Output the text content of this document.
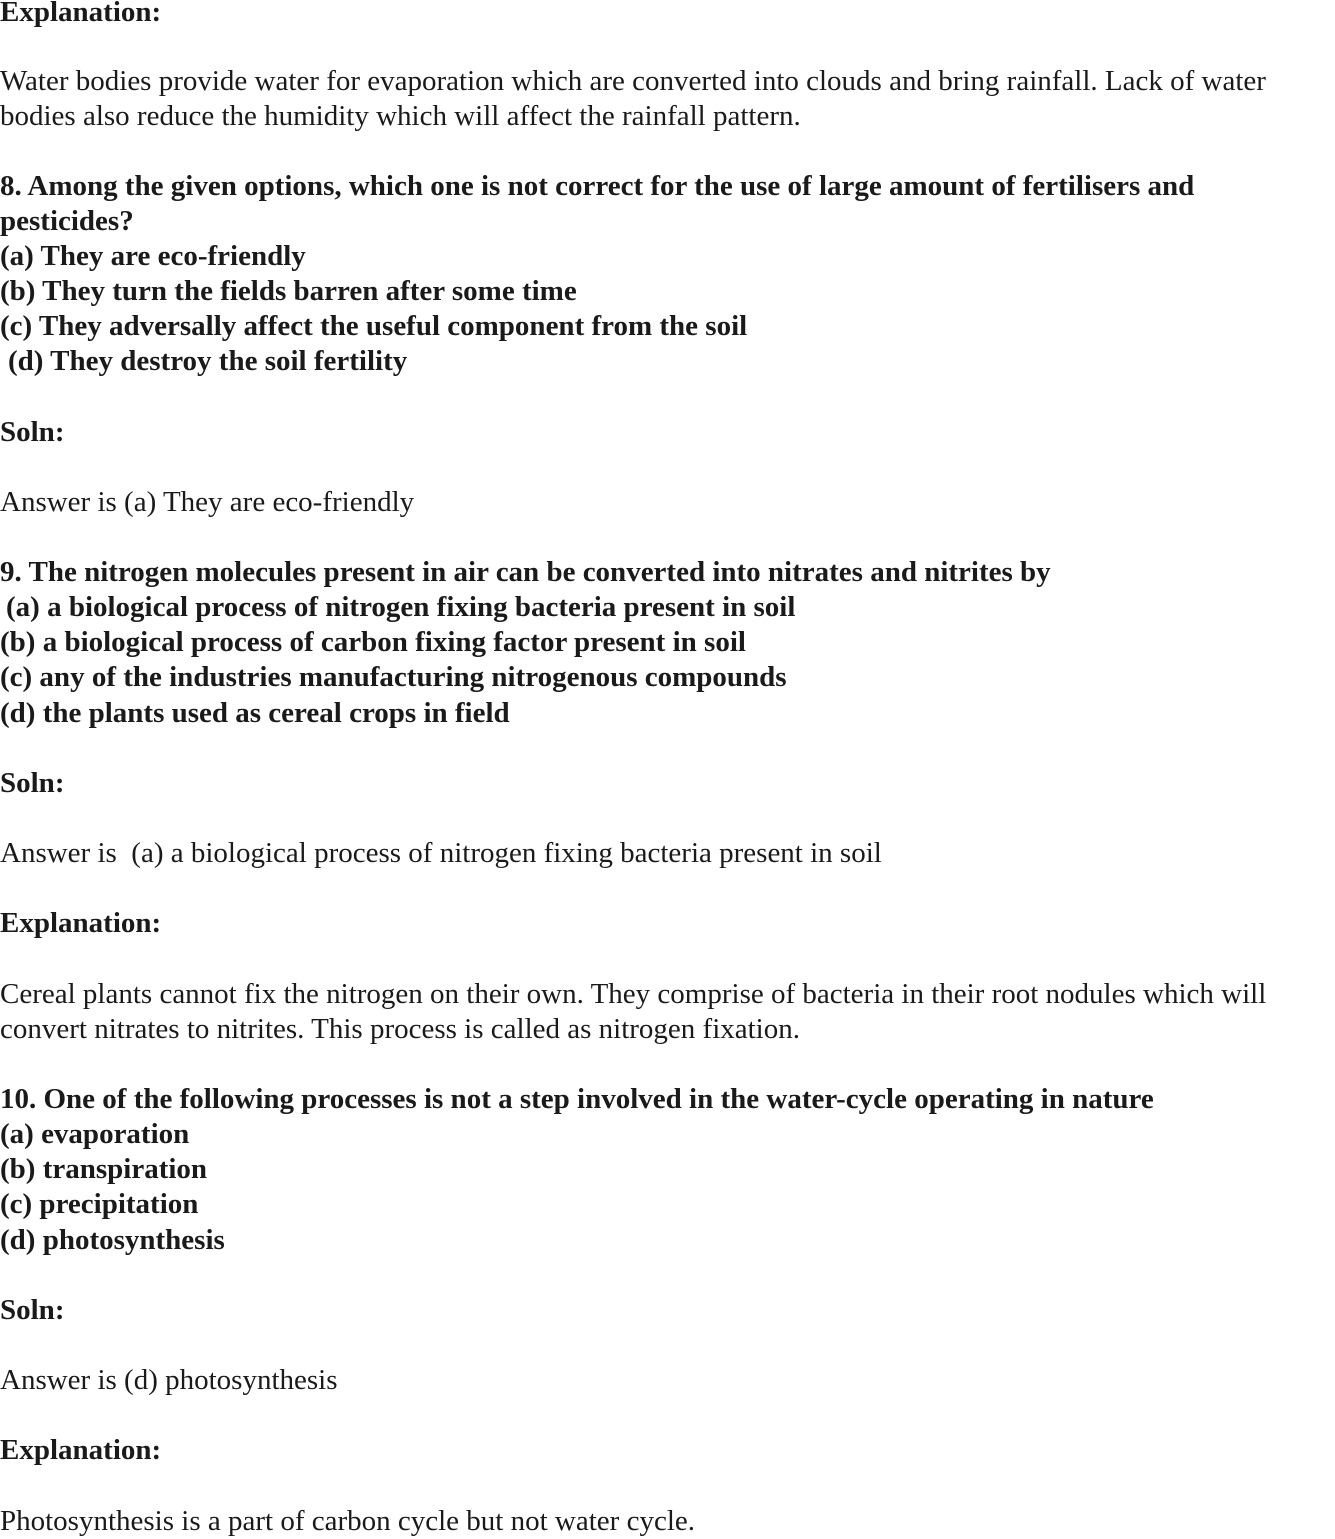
Explanation:
Water bodies provide water for evaporation which are converted into clouds and bring rainfall. Lack of water
bodies also reduce the humidity which will affect the rainfall pattern.
8. Among the given options, which one is not correct for the use of large amount of fertilisers and
pesticides?
(a) They are eco-friendly
(b) They turn the fields barren after some time
(c) They adversally affect the useful component from the soil
(d) They destroy the soil fertility
Soln:
Answer is (a) They are eco-friendly
9. The nitrogen molecules present in air can be converted into nitrates and nitrites by
(a) a biological process of nitrogen fixing bacteria present in soil
(b) a biological process of carbon fixing factor present in soil
(c) any of the industries manufacturing nitrogenous compounds
(d) the plants used as cereal crops in field
Soln:
Answer is  (a) a biological process of nitrogen fixing bacteria present in soil
Explanation:
Cereal plants cannot fix the nitrogen on their own. They comprise of bacteria in their root nodules which will
convert nitrates to nitrites. This process is called as nitrogen fixation.
10. One of the following processes is not a step involved in the water-cycle operating in nature
(a) evaporation
(b) transpiration
(c) precipitation
(d) photosynthesis
Soln:
Answer is (d) photosynthesis
Explanation:
Photosynthesis is a part of carbon cycle but not water cycle.
